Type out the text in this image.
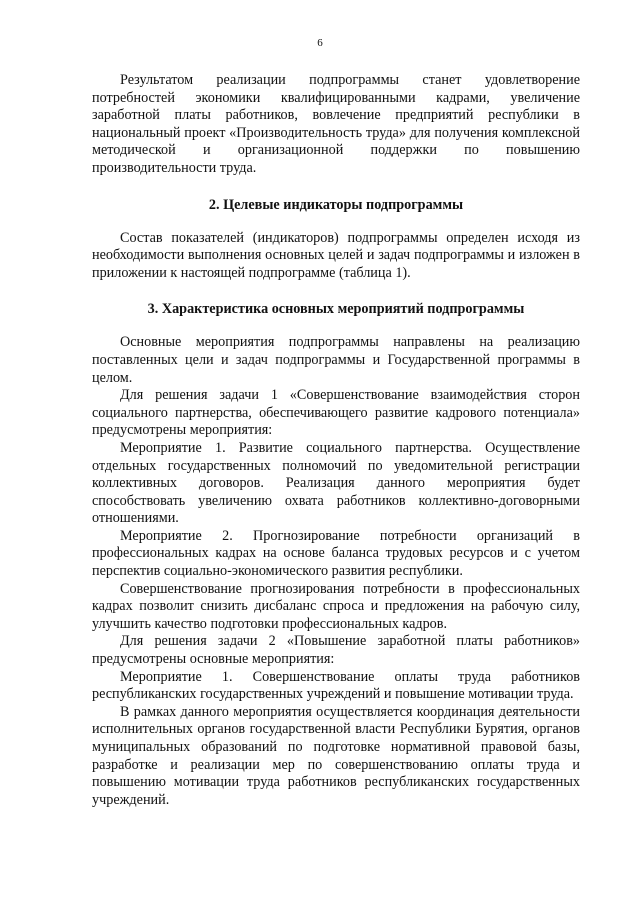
6

Результатом реализации подпрограммы станет удовлетворение потребностей экономики квалифицированными кадрами, увеличение заработной платы работников, вовлечение предприятий республики в национальный проект «Производительность труда» для получения комплексной методической и организационной поддержки по повышению производительности труда.

2. Целевые индикаторы подпрограммы

Состав показателей (индикаторов) подпрограммы определен исходя из необходимости выполнения основных целей и задач подпрограммы и изложен в приложении к настоящей подпрограмме (таблица 1).

3. Характеристика основных мероприятий подпрограммы

Основные мероприятия подпрограммы направлены на реализацию поставленных цели и задач подпрограммы и Государственной программы в целом.

Для решения задачи 1 «Совершенствование взаимодействия сторон социального партнерства, обеспечивающего развитие кадрового потенциала» предусмотрены мероприятия:

Мероприятие 1. Развитие социального партнерства. Осуществление отдельных государственных полномочий по уведомительной регистрации коллективных договоров. Реализация данного мероприятия будет способствовать увеличению охвата работников коллективно-договорными отношениями.

Мероприятие 2. Прогнозирование потребности организаций в профессиональных кадрах на основе баланса трудовых ресурсов и с учетом перспектив социально-экономического развития республики.

Совершенствование прогнозирования потребности в профессиональных кадрах позволит снизить дисбаланс спроса и предложения на рабочую силу, улучшить качество подготовки профессиональных кадров.

Для решения задачи 2 «Повышение заработной платы работников» предусмотрены основные мероприятия:

Мероприятие 1. Совершенствование оплаты труда работников республиканских государственных учреждений и повышение мотивации труда.

В рамках данного мероприятия осуществляется координация деятельности исполнительных органов государственной власти Республики Бурятия, органов муниципальных образований по подготовке нормативной правовой базы, разработке и реализации мер по совершенствованию оплаты труда и повышению мотивации труда работников республиканских государственных учреждений.
